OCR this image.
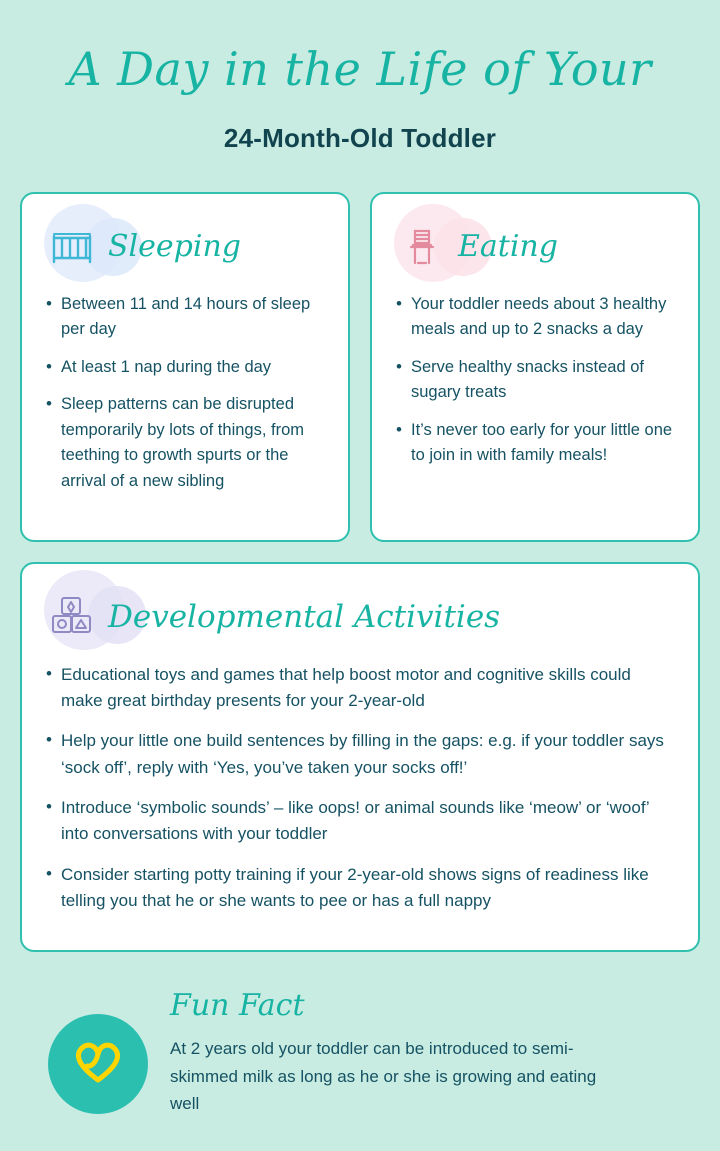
A Day in the Life of Your
24-Month-Old Toddler
Sleeping
• Between 11 and 14 hours of sleep per day
• At least 1 nap during the day
• Sleep patterns can be disrupted temporarily by lots of things, from teething to growth spurts or the arrival of a new sibling
Eating
• Your toddler needs about 3 healthy meals and up to 2 snacks a day
• Serve healthy snacks instead of sugary treats
• It’s never too early for your little one to join in with family meals!
Developmental Activities
• Educational toys and games that help boost motor and cognitive skills could make great birthday presents for your 2-year-old
• Help your little one build sentences by filling in the gaps: e.g. if your toddler says ‘sock off’, reply with ‘Yes, you’ve taken your socks off!’
• Introduce ‘symbolic sounds’ – like oops! or animal sounds like ‘meow’ or ‘woof’ into conversations with your toddler
• Consider starting potty training if your 2-year-old shows signs of readiness like telling you that he or she wants to pee or has a full nappy
Fun Fact
At 2 years old your toddler can be introduced to semi-skimmed milk as long as he or she is growing and eating well
